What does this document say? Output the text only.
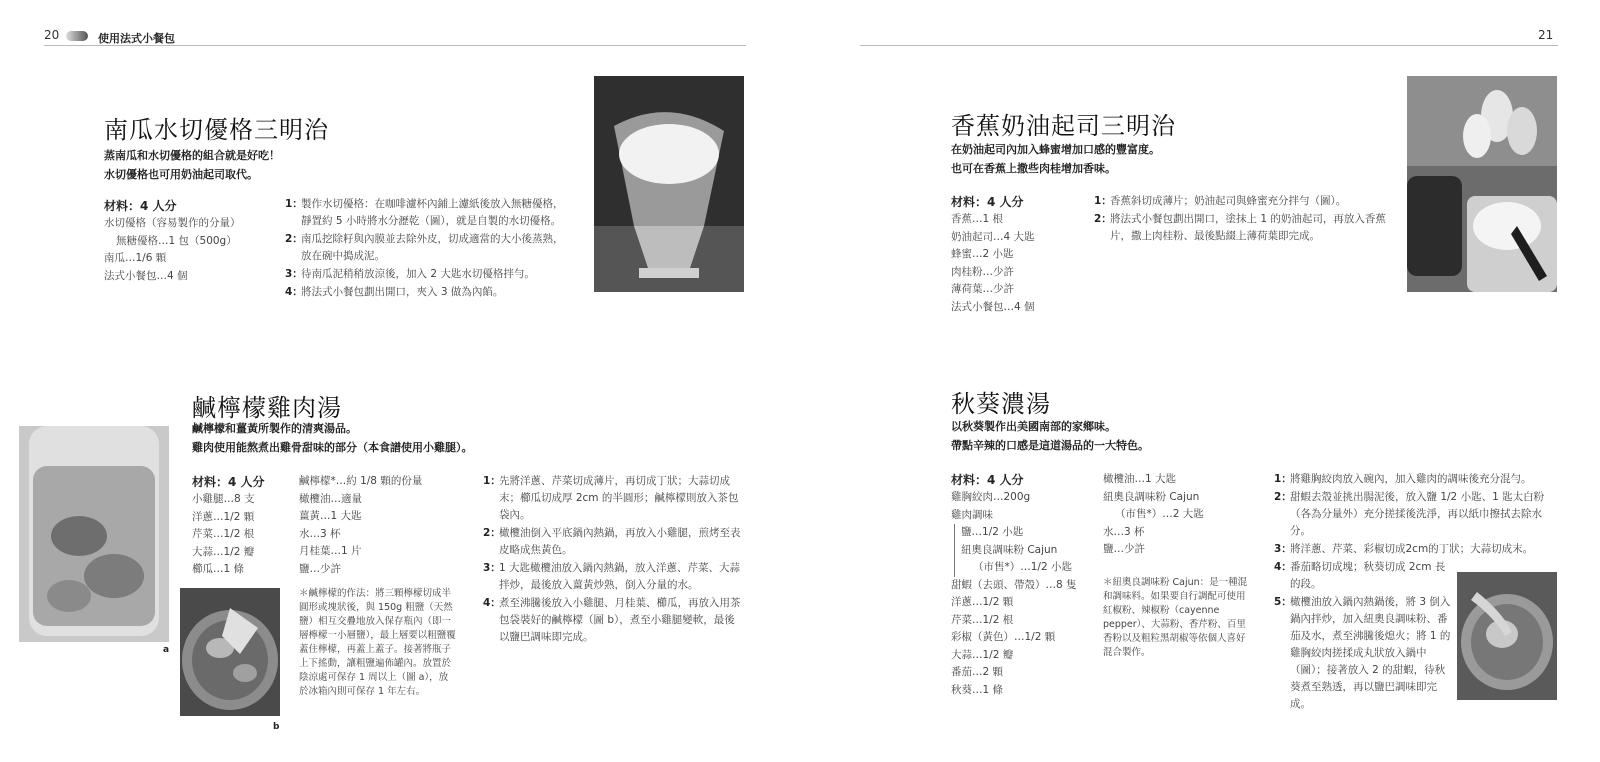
20	使用法式小餐包
南瓜水切優格三明治
蒸南瓜和水切優格的組合就是好吃！
水切優格也可用奶油起司取代。
材料：4 人分
水切優格（容易製作的分量）
無糖優格…1 包（500g）
南瓜…1/6 顆
法式小餐包…4 個
1：
製作水切優格：在咖啡濾杯內鋪上濾紙後放入無糖優格，靜置約 5 小時將水分瀝乾（圖），就是自製的水切優格。
2：
南瓜挖除籽與內膜並去除外皮，切成適當的大小後蒸熟，放在碗中搗成泥。
3：
待南瓜泥稍稍放涼後，加入 2 大匙水切優格拌勻。
4：
將法式小餐包劃出開口，夾入 3 做為內餡。
a
b
鹹檸檬雞肉湯
鹹檸檬和薑黃所製作的清爽湯品。
雞肉使用能熬煮出雞骨甜味的部分（本食譜使用小雞腿）。
材料：4 人分
小雞腿…8 支
洋蔥…1/2 顆
芹菜…1/2 根
大蒜…1/2 瓣
櫛瓜…1 條
鹹檸檬*…約 1/8 顆的份量
橄欖油…適量
薑黃…1 大匙
水…3 杯
月桂葉…1 片
鹽…少許
＊鹹檸檬的作法：將三顆檸檬切成半圓形或塊狀後，與 150g 粗鹽（天然鹽）相互交疊地放入保存瓶內（即一層檸檬一小層鹽），最上層要以粗鹽覆蓋住檸檬，再蓋上蓋子。接著將瓶子上下搖動，讓粗鹽遍佈罐內。放置於陰涼處可保存 1 周以上（圖 a），放於冰箱內則可保存 1 年左右。
1：
先將洋蔥、芹菜切成薄片，再切成丁狀；大蒜切成末；櫛瓜切成厚 2cm 的半圓形；鹹檸檬則放入茶包袋內。
2：
橄欖油倒入平底鍋內熱鍋，再放入小雞腿，煎烤至表皮略成焦黃色。
3：
1 大匙橄欖油放入鍋內熱鍋，放入洋蔥、芹菜、大蒜拌炒，最後放入薑黃炒熟，倒入分量的水。
4：
煮至沸騰後放入小雞腿、月桂葉、櫛瓜，再放入用茶包袋裝好的鹹檸檬（圖 b），煮至小雞腿變軟，最後以鹽巴調味即完成。
21
香蕉奶油起司三明治
在奶油起司內加入蜂蜜增加口感的豐富度。
也可在香蕉上撒些肉桂增加香味。
材料：4 人分
香蕉…1 根
奶油起司…4 大匙
蜂蜜…2 小匙
肉桂粉…少許
薄荷葉…少許
法式小餐包…4 個
1：
香蕉斜切成薄片；奶油起司與蜂蜜充分拌勻（圖）。
2：
將法式小餐包劃出開口，塗抹上 1 的奶油起司，再放入香蕉片，撒上肉桂粉、最後點綴上薄荷葉即完成。
秋葵濃湯
以秋葵製作出美國南部的家鄉味。
帶點辛辣的口感是這道湯品的一大特色。
材料：4 人分
雞胸絞肉…200g
雞肉調味
鹽…1/2 小匙
紐奧良調味粉 Cajun
（市售*）…1/2 小匙
甜蝦（去頭、帶殼）…8 隻
洋蔥…1/2 顆
芹菜…1/2 根
彩椒（黃色）…1/2 顆
大蒜…1/2 瓣
番茄…2 顆
秋葵…1 條
橄欖油…1 大匙
紐奧良調味粉 Cajun
（市售*）…2 大匙
水…3 杯
鹽…少許
＊紐奧良調味粉 Cajun：是一種混和調味料。如果要自行調配可使用紅椒粉、辣椒粉（cayenne pepper）、大蒜粉、香芹粉、百里香粉以及粗粒黑胡椒等依個人喜好混合製作。
1：
將雞胸絞肉放入碗內，加入雞肉的調味後充分混勻。
2：
甜蝦去殼並挑出腸泥後，放入鹽 1/2 小匙、1 匙太白粉（各為分量外）充分搓揉後洗淨，再以紙巾擦拭去除水分。
3：
將洋蔥、芹菜、彩椒切成2cm的丁狀；大蒜切成末。
4：
番茄略切成塊；秋葵切成 2cm 長的段。
5：
橄欖油放入鍋內熱鍋後，將 3 倒入鍋內拌炒，加入紐奧良調味粉、番茄及水，煮至沸騰後熄火；將 1 的雞胸絞肉搓揉成丸狀放入鍋中（圖）；接著放入 2 的甜蝦，待秋葵煮至熟透，再以鹽巴調味即完成。
